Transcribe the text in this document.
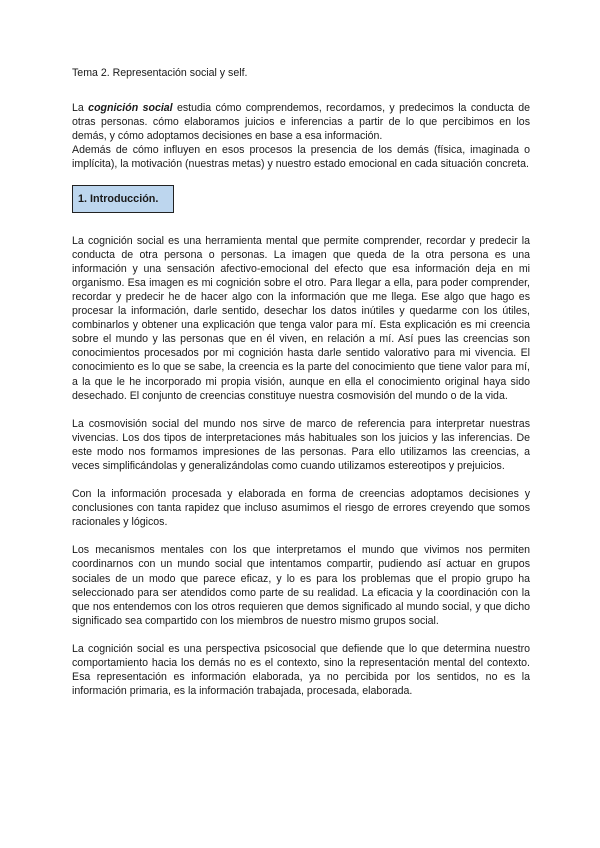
Tema 2. Representación social y self.

La cognición social estudia cómo comprendemos, recordamos, y predecimos la conducta de otras personas. cómo elaboramos juicios e inferencias a partir de lo que percibimos en los demás, y cómo adoptamos decisiones en base a esa información.

Además de cómo influyen en esos procesos la presencia de los demás (física, imaginada o implícita), la motivación (nuestras metas) y nuestro estado emocional en cada situación concreta.

1. Introducción.

La cognición social es una herramienta mental que permite comprender, recordar y predecir la conducta de otra persona o personas. La imagen que queda de la otra persona es una información y una sensación afectivo-emocional del efecto que esa información deja en mi organismo. Esa imagen es mi cognición sobre el otro. Para llegar a ella, para poder comprender, recordar y predecir he de hacer algo con la información que me llega. Ese algo que hago es procesar la información, darle sentido, desechar los datos inútiles y quedarme con los útiles, combinarlos y obtener una explicación que tenga valor para mí. Esta explicación es mi creencia sobre el mundo y las personas que en él viven, en relación a mí. Así pues las creencias son conocimientos procesados por mi cognición hasta darle sentido valorativo para mi vivencia. El conocimiento es lo que se sabe, la creencia es la parte del conocimiento que tiene valor para mí, a la que le he incorporado mi propia visión, aunque en ella el conocimiento original haya sido desechado. El conjunto de creencias constituye nuestra cosmovisión del mundo o de la vida.

La cosmovisión social del mundo nos sirve de marco de referencia para interpretar nuestras vivencias. Los dos tipos de interpretaciones más habituales son los juicios y las inferencias. De este modo nos formamos impresiones de las personas. Para ello utilizamos las creencias, a veces simplificándolas y generalizándolas como cuando utilizamos estereotipos y prejuicios.

Con la información procesada y elaborada en forma de creencias adoptamos decisiones y conclusiones con tanta rapidez que incluso asumimos el riesgo de errores creyendo que somos racionales y lógicos.

Los mecanismos mentales con los que interpretamos el mundo que vivimos nos permiten coordinarnos con un mundo social que intentamos compartir, pudiendo así actuar en grupos sociales de un modo que parece eficaz, y lo es para los problemas que el propio grupo ha seleccionado para ser atendidos como parte de su realidad. La eficacia y la coordinación con la que nos entendemos con los otros requieren que demos significado al mundo social, y que dicho significado sea compartido con los miembros de nuestro mismo grupos social.

La cognición social es una perspectiva psicosocial que defiende que lo que determina nuestro comportamiento hacia los demás no es el contexto, sino la representación mental del contexto. Esa representación es información elaborada, ya no percibida por los sentidos, no es la información primaria, es la información trabajada, procesada, elaborada.
